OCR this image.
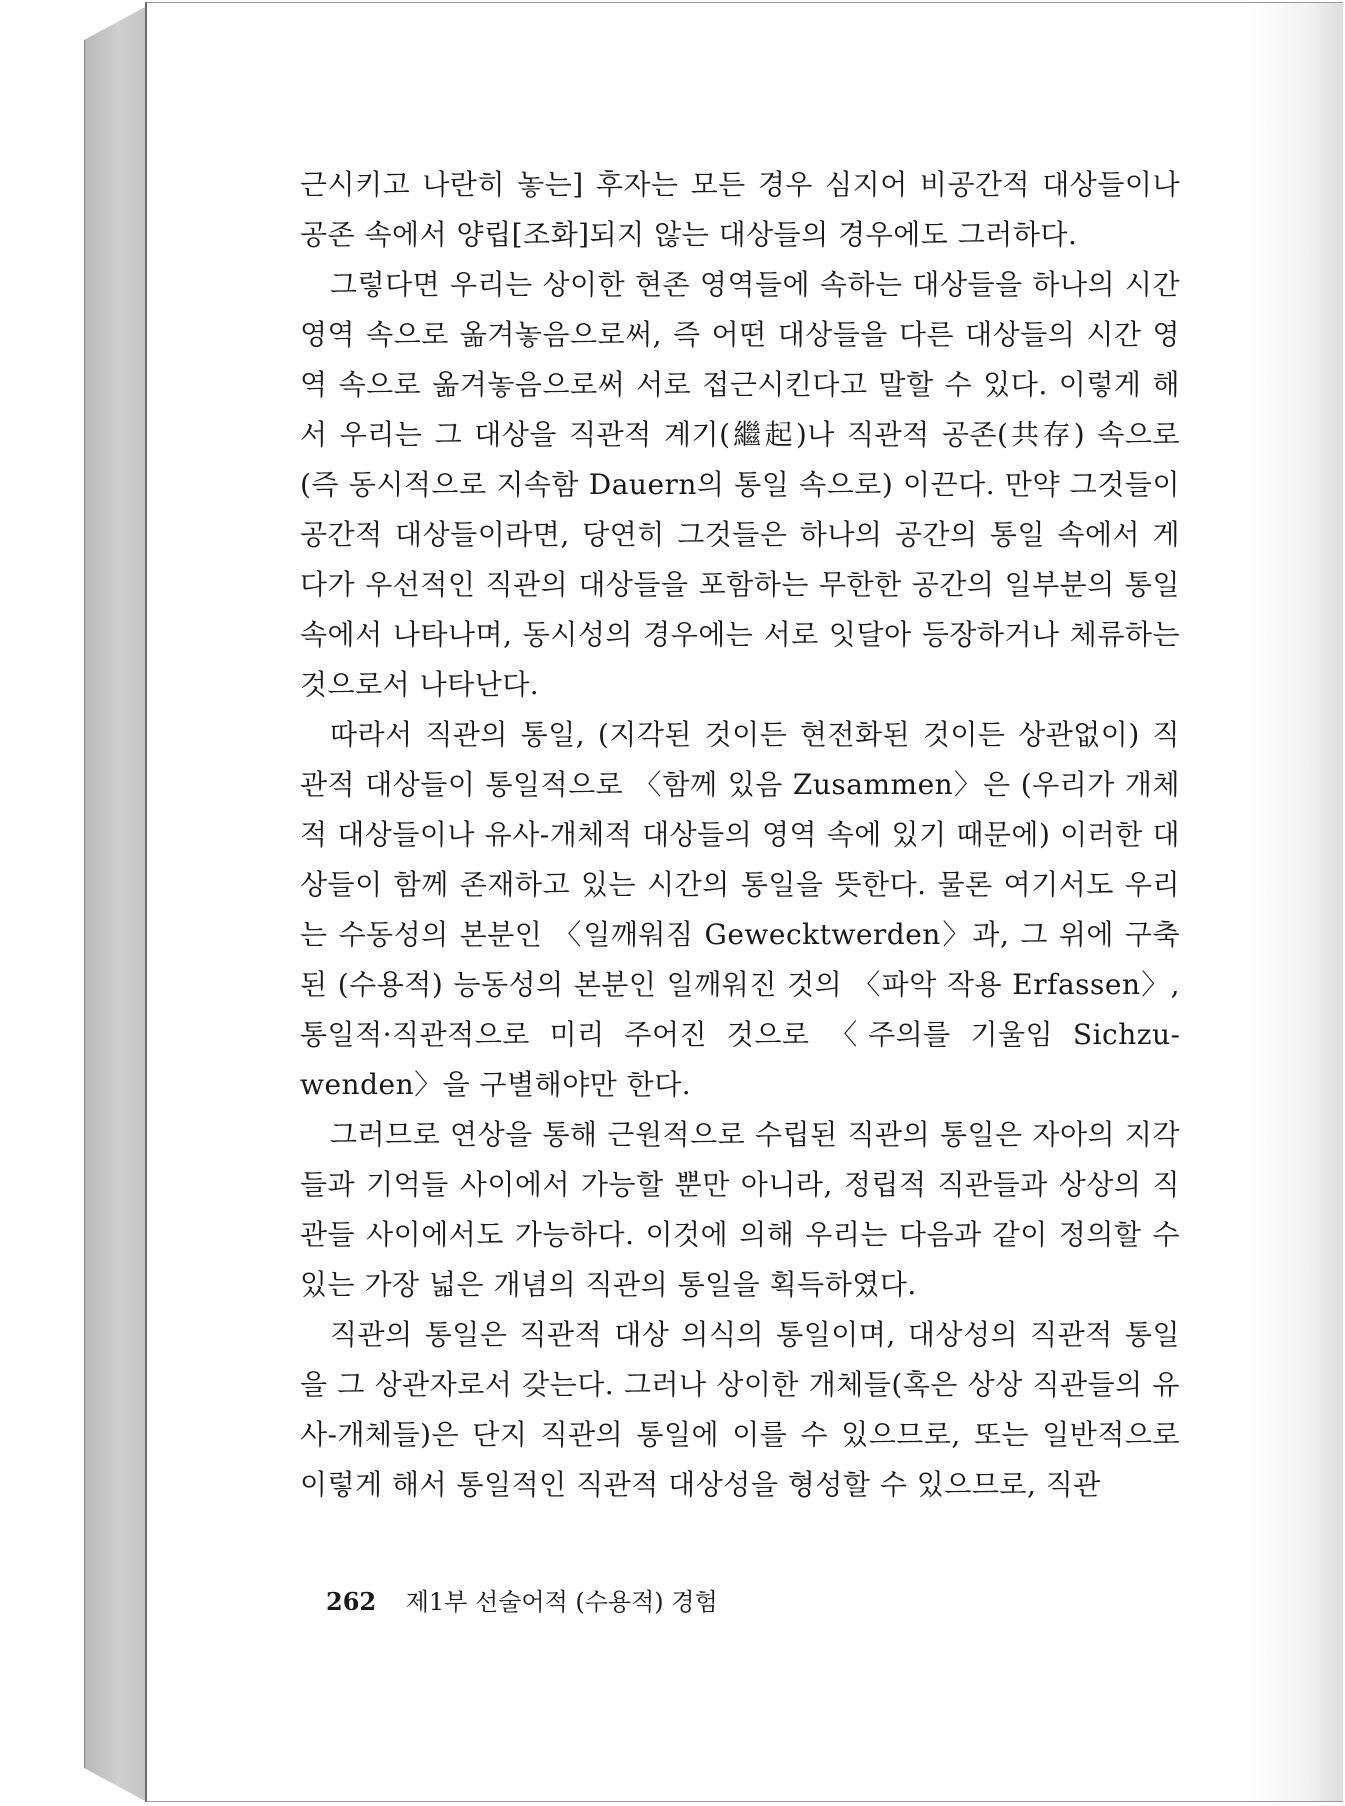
근시키고 나란히 놓는] 후자는 모든 경우 심지어 비공간적 대상들이나 공존 속에서 양립[조화]되지 않는 대상들의 경우에도 그러하다.

그렇다면 우리는 상이한 현존 영역들에 속하는 대상들을 하나의 시간 영역 속으로 옮겨놓음으로써, 즉 어떤 대상들을 다른 대상들의 시간 영역 속으로 옮겨놓음으로써 서로 접근시킨다고 말할 수 있다. 이렇게 해서 우리는 그 대상을 직관적 계기(繼起)나 직관적 공존(共存) 속으로 (즉 동시적으로 지속함 Dauern의 통일 속으로) 이끈다. 만약 그것들이 공간적 대상들이라면, 당연히 그것들은 하나의 공간의 통일 속에서 게다가 우선적인 직관의 대상들을 포함하는 무한한 공간의 일부분의 통일 속에서 나타나며, 동시성의 경우에는 서로 잇달아 등장하거나 체류하는 것으로서 나타난다.

따라서 직관의 통일, (지각된 것이든 현전화된 것이든 상관없이) 직관적 대상들이 통일적으로 〈함께 있음 Zusammen〉은 (우리가 개체적 대상들이나 유사-개체적 대상들의 영역 속에 있기 때문에) 이러한 대상들이 함께 존재하고 있는 시간의 통일을 뜻한다. 물론 여기서도 우리는 수동성의 본분인 〈일깨워짐 Gewecktwerden〉과, 그 위에 구축된 (수용적) 능동성의 본분인 일깨워진 것의 〈파악 작용 Erfassen〉, 통일적·직관적으로 미리 주어진 것으로 〈주의를 기울임 Sichzuwenden〉을 구별해야만 한다.

그러므로 연상을 통해 근원적으로 수립된 직관의 통일은 자아의 지각들과 기억들 사이에서 가능할 뿐만 아니라, 정립적 직관들과 상상의 직관들 사이에서도 가능하다. 이것에 의해 우리는 다음과 같이 정의할 수 있는 가장 넓은 개념의 직관의 통일을 획득하였다.

직관의 통일은 직관적 대상 의식의 통일이며, 대상성의 직관적 통일을 그 상관자로서 갖는다. 그러나 상이한 개체들(혹은 상상 직관들의 유사-개체들)은 단지 직관의 통일에 이를 수 있으므로, 또는 일반적으로 이렇게 해서 통일적인 직관적 대상성을 형성할 수 있으므로, 직관

262 제1부 선술어적 (수용적) 경험
